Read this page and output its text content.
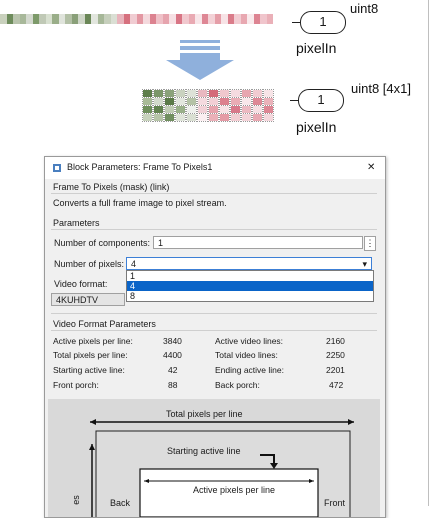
1
uint8
pixelIn
1
uint8 [4x1]
pixelIn
Block Parameters: Frame To Pixels1	✕
Frame To Pixels (mask) (link)
Converts a full frame image to pixel stream.
Parameters
Number of components: 1	⋮
Number of pixels: 4	▾
Video format:
4KUHDTV
1
4
8
Video Format Parameters
Active pixels per line:	3840	Active video lines:	2160
Total pixels per line:	4400	Total video lines:	2250
Starting active line:	42	Ending active line:	2201
Front porch:	88	Back porch:	472
Total pixels per line
Starting active line
Active pixels per line
Back	Front
es
